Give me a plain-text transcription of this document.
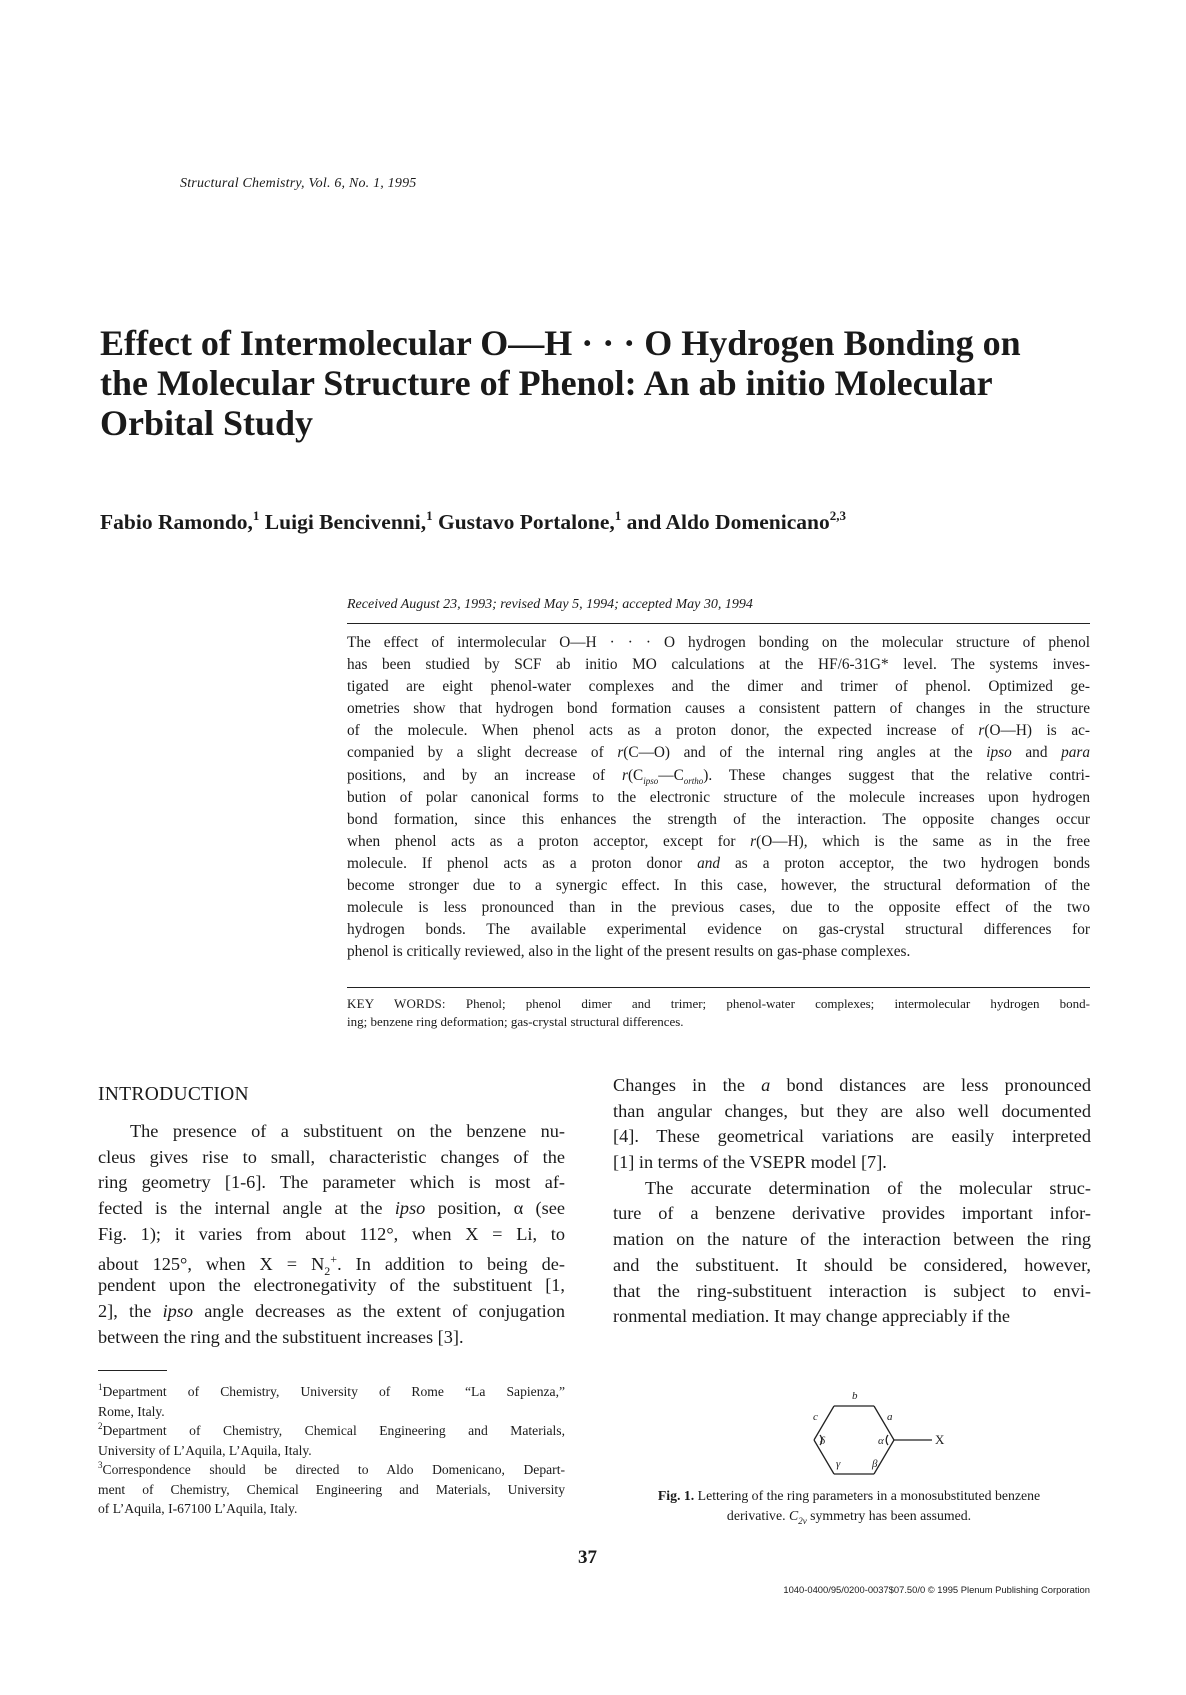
Structural Chemistry, Vol. 6, No. 1, 1995
Effect of Intermolecular O—H · · · O Hydrogen Bonding on
the Molecular Structure of Phenol: An ab initio Molecular
Orbital Study
Fabio Ramondo,$^1$ Luigi Bencivenni,$^1$ Gustavo Portalone,$^1$ and Aldo Domenicano$^{2,3}$
Received August 23, 1993; revised May 5, 1994; accepted May 30, 1994
The effect of intermolecular O—H · · · O hydrogen bonding on the molecular structure of phenol
has been studied by SCF ab initio MO calculations at the HF/6-31G* level. The systems inves-
tigated are eight phenol-water complexes and the dimer and trimer of phenol. Optimized ge-
ometries show that hydrogen bond formation causes a consistent pattern of changes in the structure
of the molecule. When phenol acts as a proton donor, the expected increase of r(O—H) is ac-
companied by a slight decrease of r(C—O) and of the internal ring angles at the ipso and para
positions, and by an increase of $r(C_{ipso}—C_{ortho})$. These changes suggest that the relative contri-
bution of polar canonical forms to the electronic structure of the molecule increases upon hydrogen
bond formation, since this enhances the strength of the interaction. The opposite changes occur
when phenol acts as a proton acceptor, except for r(O—H), which is the same as in the free
molecule. If phenol acts as a proton donor and as a proton acceptor, the two hydrogen bonds
become stronger due to a synergic effect. In this case, however, the structural deformation of the
molecule is less pronounced than in the previous cases, due to the opposite effect of the two
hydrogen bonds. The available experimental evidence on gas-crystal structural differences for
phenol is critically reviewed, also in the light of the present results on gas-phase complexes.
KEY WORDS: Phenol; phenol dimer and trimer; phenol-water complexes; intermolecular hydrogen bond-
ing; benzene ring deformation; gas-crystal structural differences.
INTRODUCTION
The presence of a substituent on the benzene nu-
cleus gives rise to small, characteristic changes of the
ring geometry [1-6]. The parameter which is most af-
fected is the internal angle at the ipso position, α (see
Fig. 1); it varies from about 112°, when X = Li, to
about 125°, when $X = N_2^+$. In addition to being de-
pendent upon the electronegativity of the substituent [1,
2], the ipso angle decreases as the extent of conjugation
between the ring and the substituent increases [3].
Changes in the a bond distances are less pronounced
than angular changes, but they are also well documented
[4]. These geometrical variations are easily interpreted
[1] in terms of the VSEPR model [7].
The accurate determination of the molecular struc-
ture of a benzene derivative provides important infor-
mation on the nature of the interaction between the ring
and the substituent. It should be considered, however,
that the ring-substituent interaction is subject to envi-
ronmental mediation. It may change appreciably if the
$^1$Department of Chemistry, University of Rome “La Sapienza,”
Rome, Italy.
$^2$Department of Chemistry, Chemical Engineering and Materials,
University of L’Aquila, L’Aquila, Italy.
$^3$Correspondence should be directed to Aldo Domenicano, Depart-
ment of Chemistry, Chemical Engineering and Materials, University
of L’Aquila, I-67100 L’Aquila, Italy.
b
a
c
δ	α
β
γ
X
Fig. 1. Lettering of the ring parameters in a monosubstituted benzene
derivative. $C_{2v}$ symmetry has been assumed.
37
1040-0400/95/0200-0037$07.50/0 © 1995 Plenum Publishing Corporation
